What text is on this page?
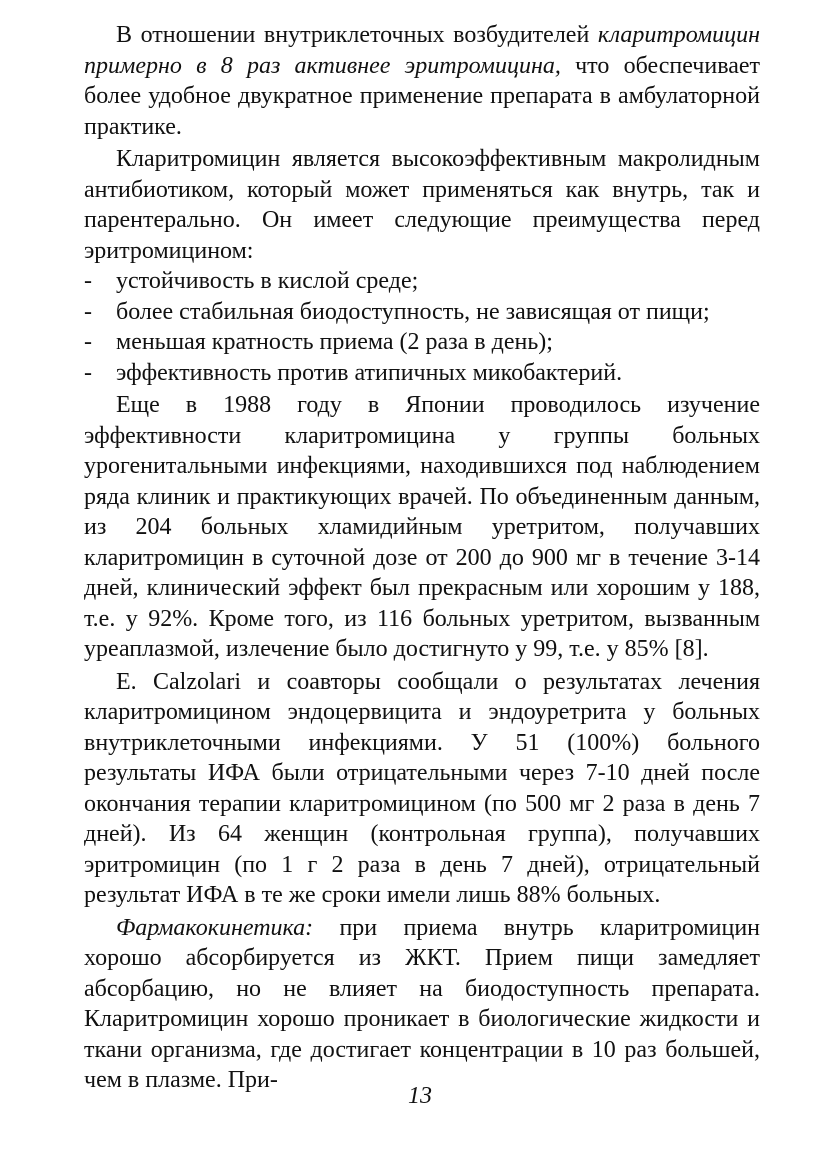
В отношении внутриклеточных возбудителей кларитромицин примерно в 8 раз активнее эритромицина, что обеспечивает более удобное двукратное применение препарата в амбулаторной практике.

Кларитромицин является высокоэффективным макролидным антибиотиком, который может применяться как внутрь, так и парентерально. Он имеет следующие преимущества перед эритромицином:

- устойчивость в кислой среде;
- более стабильная биодоступность, не зависящая от пищи;
- меньшая кратность приема (2 раза в день);
- эффективность против атипичных микобактерий.

Еще в 1988 году в Японии проводилось изучение эффективности кларитромицина у группы больных урогенитальными инфекциями, находившихся под наблюдением ряда клиник и практикующих врачей. По объединенным данным, из 204 больных хламидийным уретритом, получавших кларитромицин в суточной дозе от 200 до 900 мг в течение 3-14 дней, клинический эффект был прекрасным или хорошим у 188, т.е. у 92%. Кроме того, из 116 больных уретритом, вызванным уреаплазмой, излечение было достигнуто у 99, т.е. у 85% [8].

E. Calzolari и соавторы сообщали о результатах лечения кларитромицином эндоцервицита и эндоуретрита у больных внутриклеточными инфекциями. У 51 (100%) больного результаты ИФА были отрицательными через 7-10 дней после окончания терапии кларитромицином (по 500 мг 2 раза в день 7 дней). Из 64 женщин (контрольная группа), получавших эритромицин (по 1 г 2 раза в день 7 дней), отрицательный результат ИФА в те же сроки имели лишь 88% больных.

Фармакокинетика: при приема внутрь кларитромицин хорошо абсорбируется из ЖКТ. Прием пищи замедляет абсорбацию, но не влияет на биодоступность препарата. Кларитромицин хорошо проникает в биологические жидкости и ткани организма, где достигает концентрации в 10 раз большей, чем в плазме. При-

13
